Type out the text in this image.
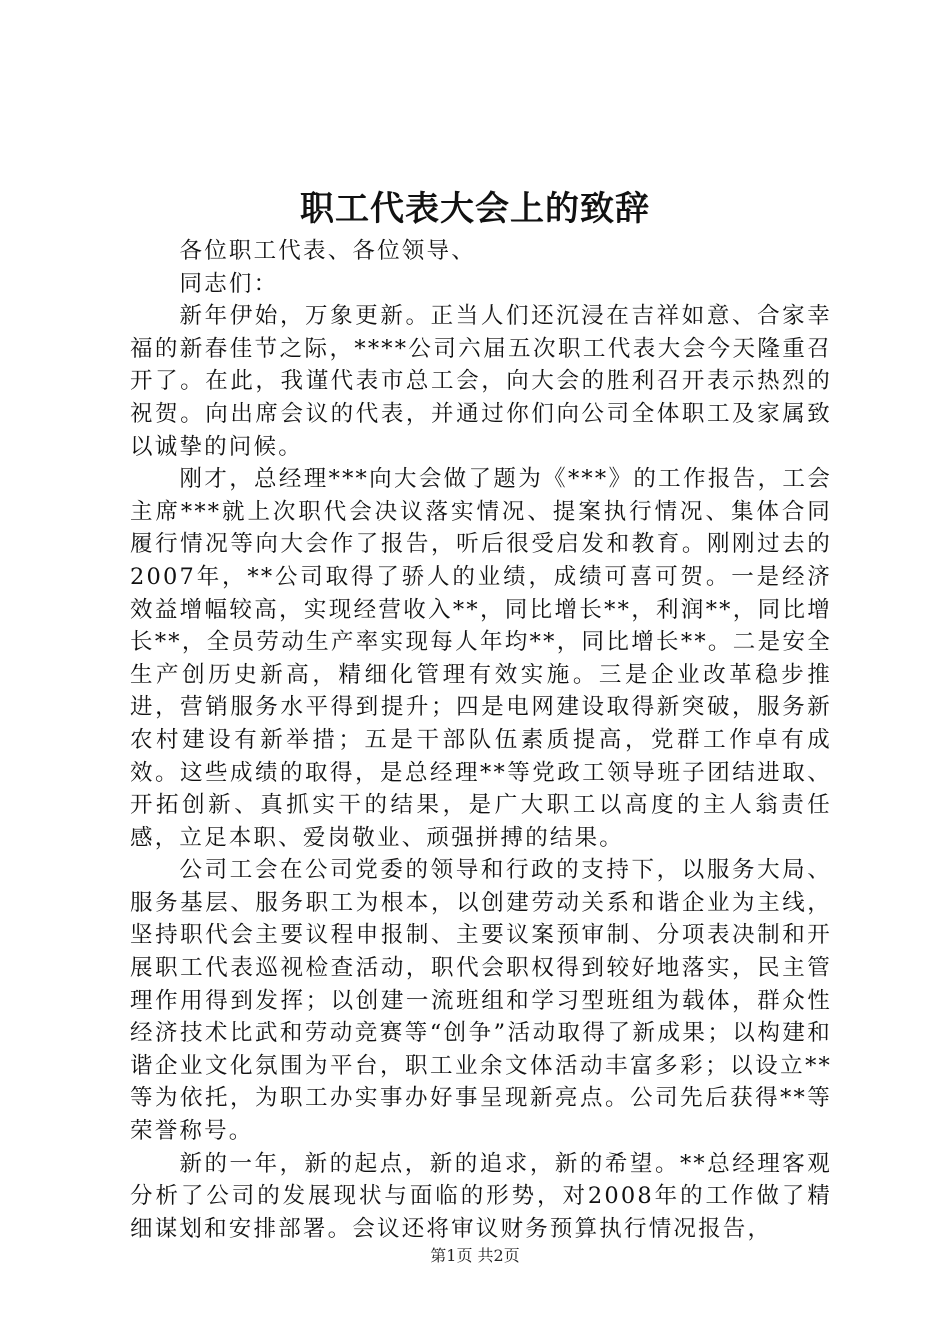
职工代表大会上的致辞

各位职工代表、各位领导、

同志们：

新年伊始，万象更新。正当人们还沉浸在吉祥如意、合家幸福的新春佳节之际，****公司六届五次职工代表大会今天隆重召开了。在此，我谨代表市总工会，向大会的胜利召开表示热烈的祝贺。向出席会议的代表，并通过你们向公司全体职工及家属致以诚挚的问候。

刚才，总经理***向大会做了题为《***》的工作报告，工会主席***就上次职代会决议落实情况、提案执行情况、集体合同履行情况等向大会作了报告，听后很受启发和教育。刚刚过去的2007年，**公司取得了骄人的业绩，成绩可喜可贺。一是经济效益增幅较高，实现经营收入**，同比增长**，利润**，同比增长**，全员劳动生产率实现每人年均**，同比增长**。二是安全生产创历史新高，精细化管理有效实施。三是企业改革稳步推进，营销服务水平得到提升；四是电网建设取得新突破，服务新农村建设有新举措；五是干部队伍素质提高，党群工作卓有成效。这些成绩的取得，是总经理**等党政工领导班子团结进取、开拓创新、真抓实干的结果，是广大职工以高度的主人翁责任感，立足本职、爱岗敬业、顽强拼搏的结果。

公司工会在公司党委的领导和行政的支持下，以服务大局、服务基层、服务职工为根本，以创建劳动关系和谐企业为主线，坚持职代会主要议程申报制、主要议案预审制、分项表决制和开展职工代表巡视检查活动，职代会职权得到较好地落实，民主管理作用得到发挥；以创建一流班组和学习型班组为载体，群众性经济技术比武和劳动竞赛等“创争”活动取得了新成果；以构建和谐企业文化氛围为平台，职工业余文体活动丰富多彩；以设立**等为依托，为职工办实事办好事呈现新亮点。公司先后获得**等荣誉称号。

新的一年，新的起点，新的追求，新的希望。**总经理客观分析了公司的发展现状与面临的形势，对2008年的工作做了精细谋划和安排部署。会议还将审议财务预算执行情况报告，

第1页 共2页
